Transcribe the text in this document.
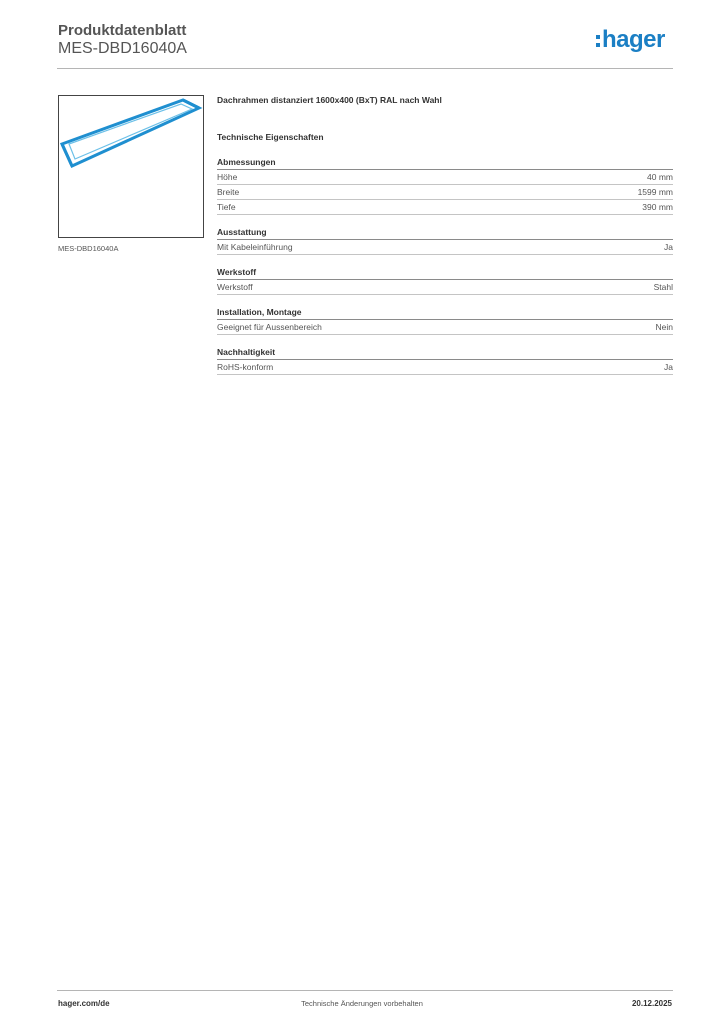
Produktdatenblatt
MES-DBD16040A	hager
MES-DBD16040A
Dachrahmen distanziert 1600x400 (BxT) RAL nach Wahl
Technische Eigenschaften
Abmessungen
Höhe	40 mm
Breite	1599 mm
Tiefe	390 mm
Ausstattung
Mit Kabeleinführung	Ja
Werkstoff
Werkstoff	Stahl
Installation, Montage
Geeignet für Aussenbereich	Nein
Nachhaltigkeit
RoHS-konform	Ja
hager.com/de	Technische Änderungen vorbehalten	20.12.2025
